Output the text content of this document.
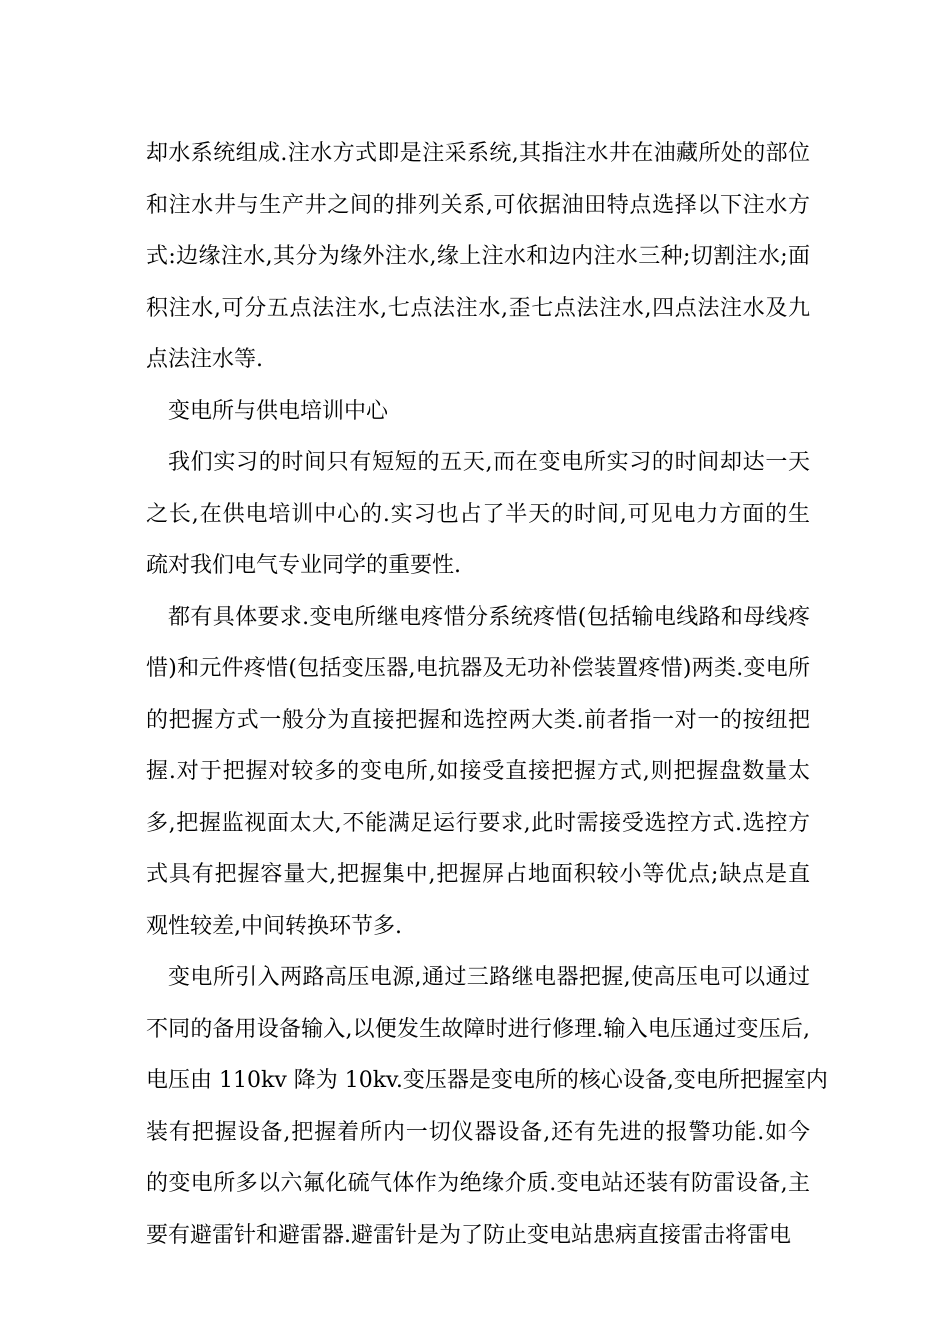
却水系统组成.注水方式即是注采系统,其指注水井在油藏所处的部位
和注水井与生产井之间的排列关系,可依据油田特点选择以下注水方
式:边缘注水,其分为缘外注水,缘上注水和边内注水三种;切割注水;面
积注水,可分五点法注水,七点法注水,歪七点法注水,四点法注水及九
点法注水等.
变电所与供电培训中心
我们实习的时间只有短短的五天,而在变电所实习的时间却达一天
之长,在供电培训中心的.实习也占了半天的时间,可见电力方面的生
疏对我们电气专业同学的重要性.
都有具体要求.变电所继电疼惜分系统疼惜(包括输电线路和母线疼
惜)和元件疼惜(包括变压器,电抗器及无功补偿装置疼惜)两类.变电所
的把握方式一般分为直接把握和选控两大类.前者指一对一的按纽把
握.对于把握对较多的变电所,如接受直接把握方式,则把握盘数量太
多,把握监视面太大,不能满足运行要求,此时需接受选控方式.选控方
式具有把握容量大,把握集中,把握屏占地面积较小等优点;缺点是直
观性较差,中间转换环节多.
变电所引入两路高压电源,通过三路继电器把握,使高压电可以通过
不同的备用设备输入,以便发生故障时进行修理.输入电压通过变压后,
电压由 110kv 降为 10kv.变压器是变电所的核心设备,变电所把握室内
装有把握设备,把握着所内一切仪器设备,还有先进的报警功能.如今
的变电所多以六氟化硫气体作为绝缘介质.变电站还装有防雷设备,主
要有避雷针和避雷器.避雷针是为了防止变电站患病直接雷击将雷电
